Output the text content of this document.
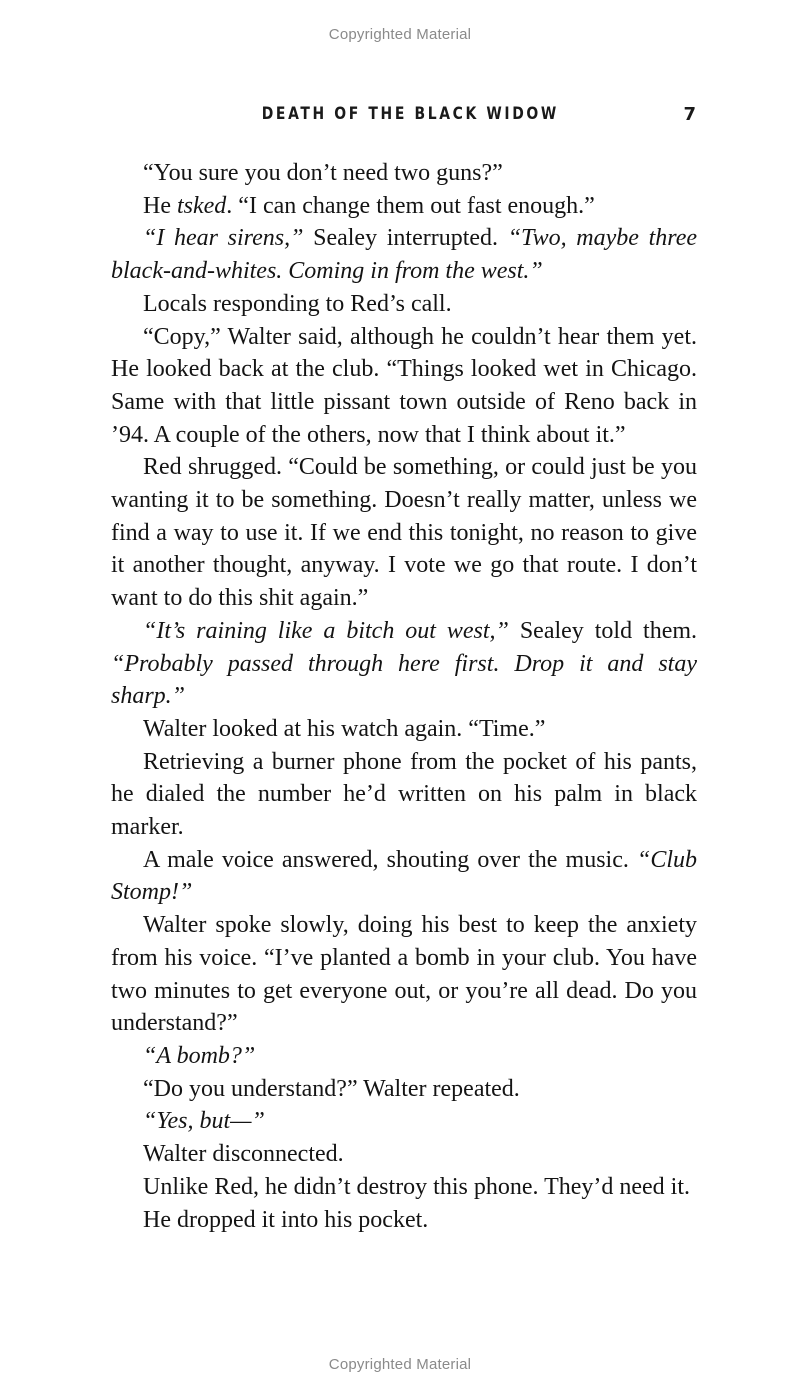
Copyrighted Material
DEATH OF THE BLACK WIDOW	7

“You sure you don’t need two guns?”

He tsked. “I can change them out fast enough.”

“I hear sirens,” Sealey interrupted. “Two, maybe three black-and-whites. Coming in from the west.”

Locals responding to Red’s call.

“Copy,” Walter said, although he couldn’t hear them yet. He looked back at the club. “Things looked wet in Chicago. Same with that little pissant town outside of Reno back in ’94. A couple of the others, now that I think about it.”

Red shrugged. “Could be something, or could just be you wanting it to be something. Doesn’t really matter, unless we find a way to use it. If we end this tonight, no reason to give it another thought, anyway. I vote we go that route. I don’t want to do this shit again.”

“It’s raining like a bitch out west,” Sealey told them. “Probably passed through here first. Drop it and stay sharp.”

Walter looked at his watch again. “Time.”

Retrieving a burner phone from the pocket of his pants, he dialed the number he’d written on his palm in black marker.

A male voice answered, shouting over the music. “Club Stomp!”

Walter spoke slowly, doing his best to keep the anxiety from his voice. “I’ve planted a bomb in your club. You have two minutes to get everyone out, or you’re all dead. Do you understand?”

“A bomb?”

“Do you understand?” Walter repeated.

“Yes, but—”

Walter disconnected.

Unlike Red, he didn’t destroy this phone. They’d need it.

He dropped it into his pocket.

Copyrighted Material
